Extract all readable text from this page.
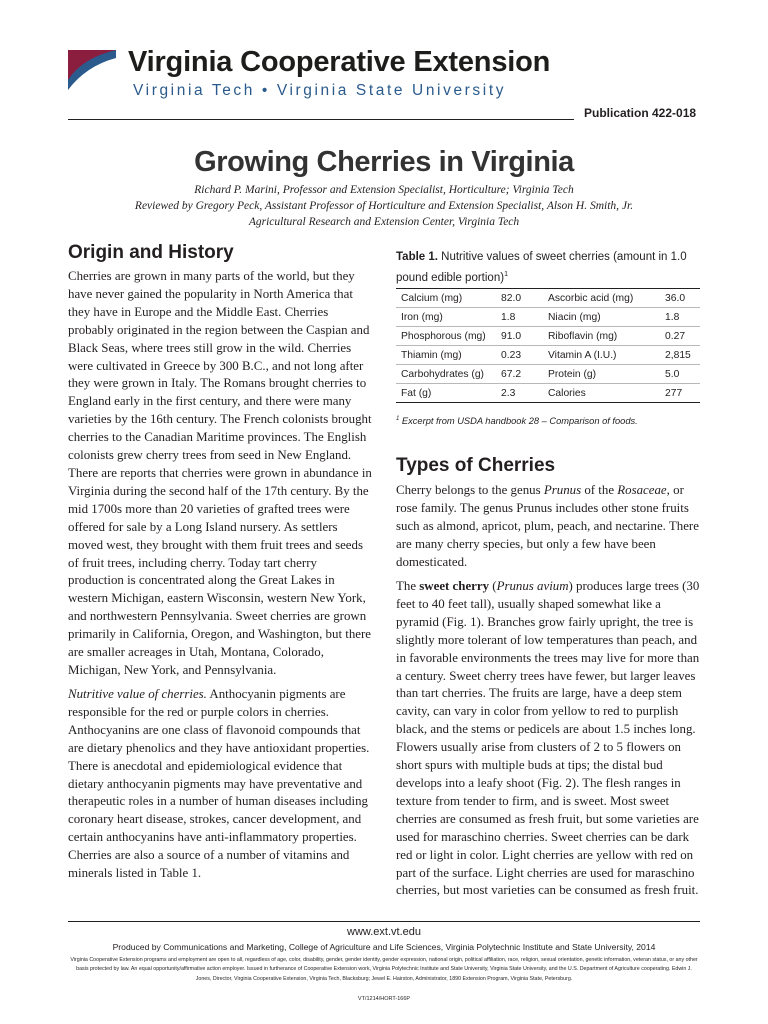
Virginia Cooperative Extension
Virginia Tech • Virginia State University
Publication 422-018
Growing Cherries in Virginia
Richard P. Marini, Professor and Extension Specialist, Horticulture; Virginia Tech
Reviewed by Gregory Peck, Assistant Professor of Horticulture and Extension Specialist, Alson H. Smith, Jr.
Agricultural Research and Extension Center, Virginia Tech
Origin and History

Cherries are grown in many parts of the world, but they have never gained the popularity in North America that they have in Europe and the Middle East. Cherries probably originated in the region between the Caspian and Black Seas, where trees still grow in the wild. Cherries were cultivated in Greece by 300 B.C., and not long after they were grown in Italy. The Romans brought cherries to England early in the first century, and there were many varieties by the 16th century. The French colonists brought cherries to the Canadian Maritime provinces. The English colonists grew cherry trees from seed in New England. There are reports that cherries were grown in abundance in Virginia during the second half of the 17th century. By the mid 1700s more than 20 varieties of grafted trees were offered for sale by a Long Island nursery. As settlers moved west, they brought with them fruit trees and seeds of fruit trees, including cherry. Today tart cherry production is concentrated along the Great Lakes in western Michigan, eastern Wisconsin, western New York, and northwestern Pennsylvania. Sweet cherries are grown primarily in California, Oregon, and Washington, but there are smaller acreages in Utah, Montana, Colorado, Michigan, New York, and Pennsylvania.

Nutritive value of cherries. Anthocyanin pigments are responsible for the red or purple colors in cherries. Anthocyanins are one class of flavonoid compounds that are dietary phenolics and they have antioxidant properties. There is anecdotal and epidemiological evidence that dietary anthocyanin pigments may have preventative and therapeutic roles in a number of human diseases including coronary heart disease, strokes, cancer development, and certain anthocyanins have anti-inflammatory properties. Cherries are also a source of a number of vitamins and minerals listed in Table 1.

Table 1. Nutritive values of sweet cherries (amount in 1.0 pound edible portion)$^1$
Calcium (mg)	82.0	Ascorbic acid (mg)	36.0
Iron (mg)	1.8	Niacin (mg)	1.8
Phosphorous (mg)	91.0	Riboflavin (mg)	0.27
Thiamin (mg)	0.23	Vitamin A (I.U.)	2,815
Carbohydrates (g)	67.2	Protein (g)	5.0
Fat (g)	2.3	Calories	277
$^1$ Excerpt from USDA handbook 28 – Comparison of foods.
Types of Cherries

Cherry belongs to the genus Prunus of the Rosaceae, or rose family. The genus Prunus includes other stone fruits such as almond, apricot, plum, peach, and nectarine. There are many cherry species, but only a few have been domesticated.

The sweet cherry (Prunus avium) produces large trees (30 feet to 40 feet tall), usually shaped somewhat like a pyramid (Fig. 1). Branches grow fairly upright, the tree is slightly more tolerant of low temperatures than peach, and in favorable environments the trees may live for more than a century. Sweet cherry trees have fewer, but larger leaves than tart cherries. The fruits are large, have a deep stem cavity, can vary in color from yellow to red to purplish black, and the stems or pedicels are about 1.5 inches long. Flowers usually arise from clusters of 2 to 5 flowers on short spurs with multiple buds at tips; the distal bud develops into a leafy shoot (Fig. 2). The flesh ranges in texture from tender to firm, and is sweet. Most sweet cherries are consumed as fresh fruit, but some varieties are used for maraschino cherries. Sweet cherries can be dark red or light in color. Light cherries are yellow with red on part of the surface. Light cherries are used for maraschino cherries, but most varieties can be consumed as fresh fruit.

www.ext.vt.edu
Produced by Communications and Marketing, College of Agriculture and Life Sciences, Virginia Polytechnic Institute and State University, 2014

Virginia Cooperative Extension programs and employment are open to all, regardless of age, color, disability, gender, gender identity, gender expression, national origin, political affiliation, race, religion, sexual orientation, genetic information, veteran status, or any other basis protected by law. An equal opportunity/affirmative action employer. Issued in furtherance of Cooperative Extension work, Virginia Polytechnic Institute and State University, Virginia State University, and the U.S. Department of Agriculture cooperating. Edwin J. Jones, Director, Virginia Cooperative Extension, Virginia Tech, Blacksburg; Jewel E. Hairston, Administrator, 1890 Extension Program, Virginia State, Petersburg.

VT/1214/HORT-166P
